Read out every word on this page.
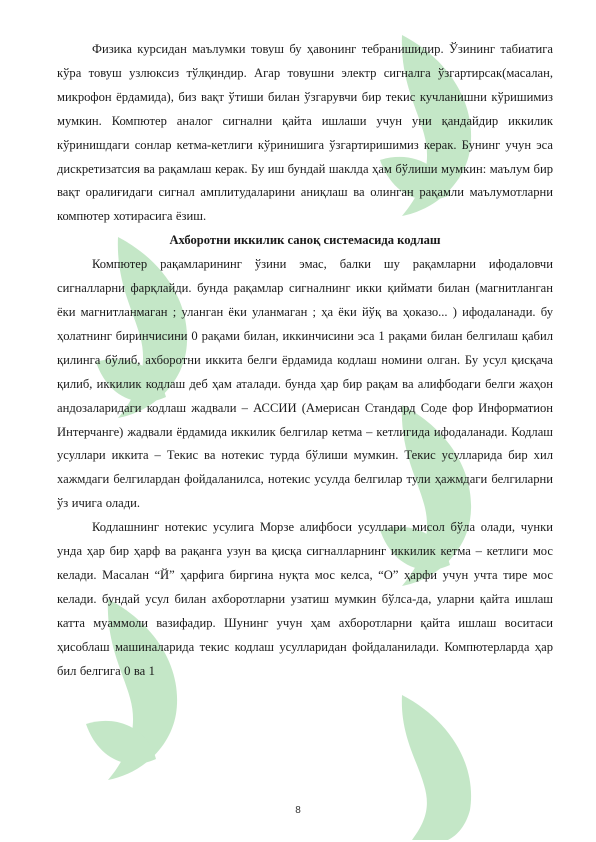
Физика курсидан маълумки товуш бу ҳавонинг тебранишидир. Ўзининг табиатига кўра товуш узлюксиз тўлқиндир. Агар товушни электр сигналга ўзгартирсак(масалан, микрофон ёрдамида), биз вақт ўтиши билан ўзгарувчи бир текис кучланишни кўришимиз мумкин. Компютер аналог сигнални қайта ишлаши учун уни қандайдир иккилик кўринишдаги сонлар кетма-кетлиги кўринишига ўзгартиришимиз керак. Бунинг учун эса дискретизатсия ва рақамлаш керак. Бу иш бундай шаклда ҳам бўлиши мумкин: маълум бир вақт оралиғидаги сигнал амплитудаларини аниқлаш ва олинган рақамли маълумотларни компютер хотирасига ёзиш.

Ахборотни иккилик саноқ системасида кодлаш

Компютер рақамларининг ўзини эмас, балки шу рақамларни ифодаловчи сигналларни фарқлайди. бунда рақамлар сигналнинг икки қиймати билан (магнитланган ёки магнитланмаган ; уланган ёки уланмаган ; ҳа ёки йўқ ва ҳоказо... ) ифодаланади. бу ҳолатнинг биринчисини 0 рақами билан, иккинчисини эса 1 рақами билан белгилаш қабил қилинга бўлиб, ахборотни иккита белги ёрдамида кодлаш номини олган. Бу усул қисқача қилиб, иккилик кодлаш деб ҳам аталади. бунда ҳар бир рақам ва алифбодаги белги жаҳон андозаларидаги кодлаш жадвали – АССИИ (Америсан Стандард Соде фор Информатион Интерчанге) жадвали ёрдамида иккилик белгилар кетма – кетлигида ифодаланади. Кодлаш усуллари иккита – Текис ва нотекис турда бўлиши мумкин. Текис усулларида бир хил хажмдаги белгилардан фойдаланилса, нотекис усулда белгилар тули ҳажмдаги белгиларни ўз ичига олади.

Кодлашнинг нотекис усулига Морзе алифбоси усуллари мисол бўла олади, чунки унда ҳар бир ҳарф ва рақанга узун ва қисқа сигналларнинг иккилик кетма – кетлиги мос келади. Масалан “Й” ҳарфига биргина нуқта мос келса, “О” ҳарфи учун учта тире мос келади. бундай усул билан ахборотларни узатиш мумкин бўлса-да, уларни қайта ишлаш катта муаммоли вазифадир. Шунинг учун ҳам ахборотларни қайта ишлаш воситаси ҳисоблаш машиналарида текис кодлаш усулларидан фойдаланилади. Компютерларда ҳар бил белгига 0 ва 1

8
